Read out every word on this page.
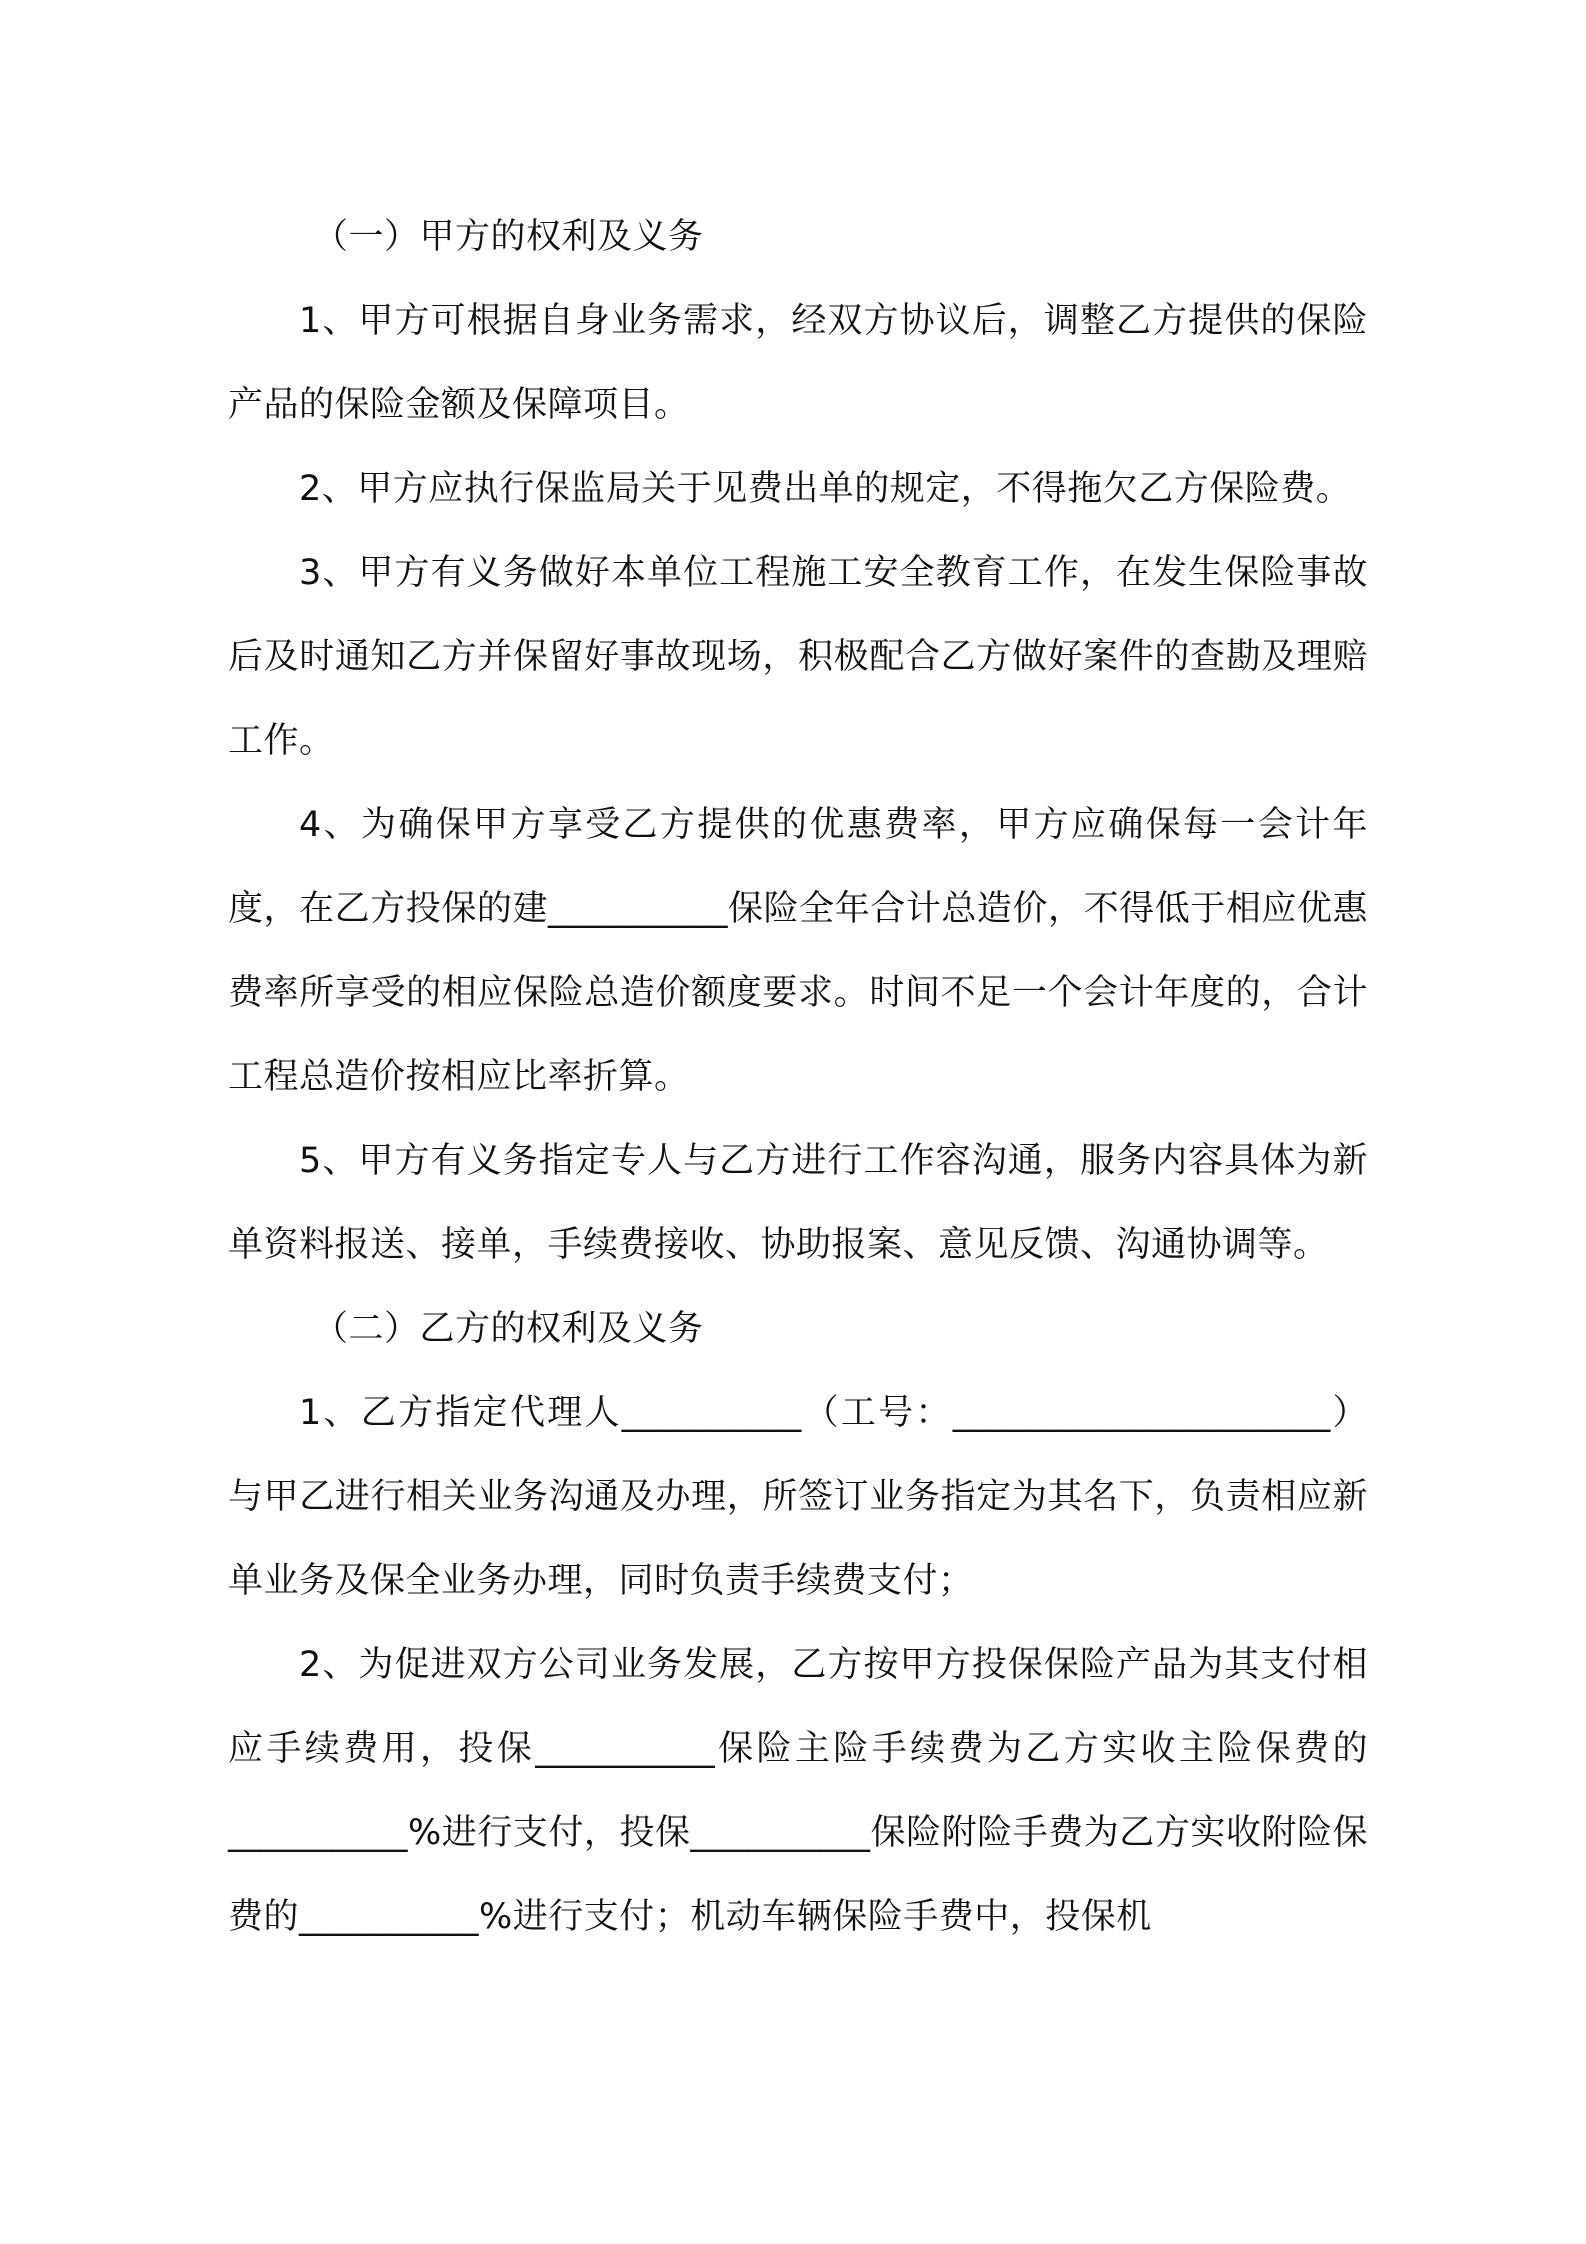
（一）甲方的权利及义务

1、甲方可根据自身业务需求，经双方协议后，调整乙方提供的保险产品的保险金额及保障项目。

2、甲方应执行保监局关于见费出单的规定，不得拖欠乙方保险费。

3、甲方有义务做好本单位工程施工安全教育工作，在发生保险事故后及时通知乙方并保留好事故现场，积极配合乙方做好案件的查勘及理赔工作。

4、为确保甲方享受乙方提供的优惠费率，甲方应确保每一会计年度，在乙方投保的建__________保险全年合计总造价，不得低于相应优惠费率所享受的相应保险总造价额度要求。时间不足一个会计年度的，合计工程总造价按相应比率折算。

5、甲方有义务指定专人与乙方进行工作容沟通，服务内容具体为新单资料报送、接单，手续费接收、协助报案、意见反馈、沟通协调等。

（二）乙方的权利及义务

1、乙方指定代理人__________（工号：_____________________）与甲乙进行相关业务沟通及办理，所签订业务指定为其名下，负责相应新单业务及保全业务办理，同时负责手续费支付；

2、为促进双方公司业务发展，乙方按甲方投保保险产品为其支付相应手续费用，投保__________保险主险手续费为乙方实收主险保费的__________%进行支付，投保__________保险附险手费为乙方实收附险保费的__________%进行支付；机动车辆保险手费中，投保机
